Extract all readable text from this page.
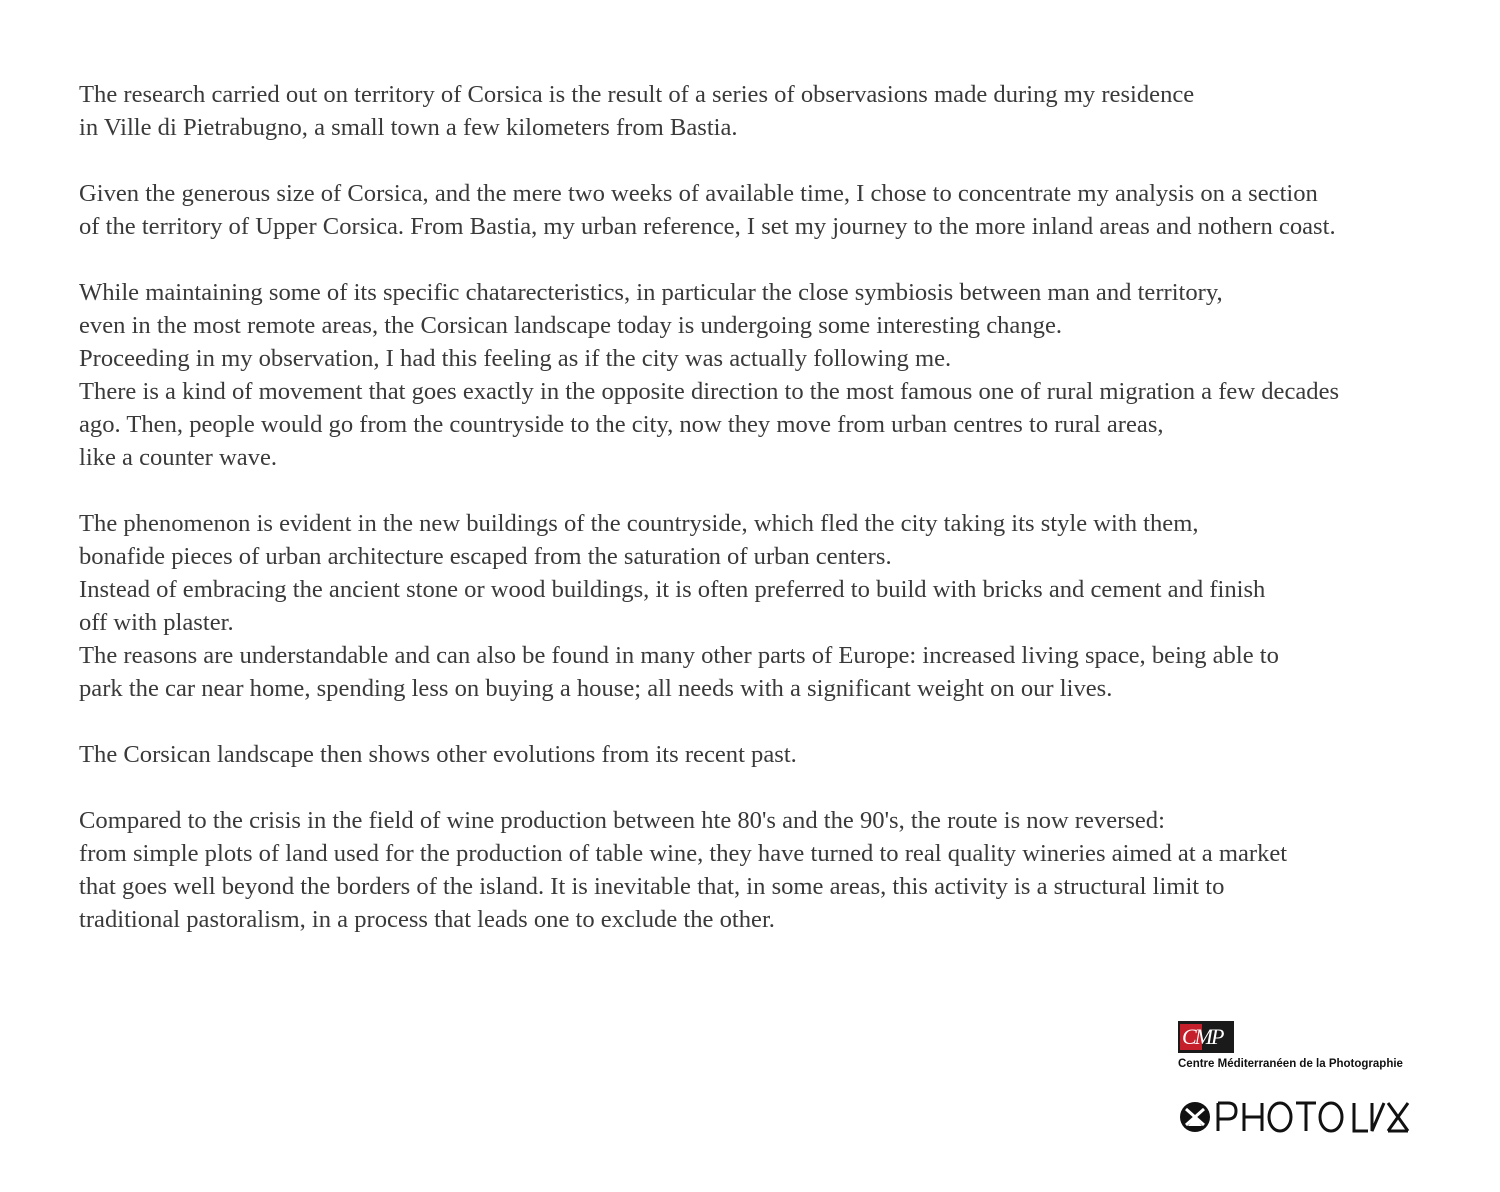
The research carried out on territory of Corsica is the result of a series of observasions made during my residence
in Ville di Pietrabugno, a small town a few kilometers from Bastia.

Given the generous size of Corsica, and the mere two weeks of available time, I chose to concentrate my analysis on a section
of the territory of Upper Corsica. From Bastia, my urban reference, I set my journey to the more inland areas and nothern coast.

While maintaining some of its specific chatarecteristics, in particular the close symbiosis between man and territory,
even in the most remote areas, the Corsican landscape today is undergoing some interesting change.
Proceeding in my observation, I had this feeling as if the city was actually following me.
There is a kind of movement that goes exactly in the opposite direction to the most famous one of rural migration a few decades
ago. Then, people would go from the countryside to the city, now they move from urban centres to rural areas,
like a counter wave.

The phenomenon is evident in the new buildings of the countryside, which fled the city taking its style with them,
bonafide pieces of urban architecture escaped from the saturation of urban centers.
Instead of embracing the ancient stone or wood buildings, it is often preferred to build with bricks and cement and finish
off with plaster.
The reasons are understandable and can also be found in many other parts of Europe: increased living space, being able to
park the car near home, spending less on buying a house; all needs with a significant weight on our lives.

The Corsican landscape then shows other evolutions from its recent past.

Compared to the crisis in the field of wine production between hte 80's and the 90's, the route is now reversed:
from simple plots of land used for the production of table wine, they have turned to real quality wineries aimed at a market
that goes well beyond the borders of the island. It is inevitable that, in some areas, this activity is a structural limit to
traditional pastoralism, in a process that leads one to exclude the other.

CMP
Centre Méditerranéen de la Photographie
